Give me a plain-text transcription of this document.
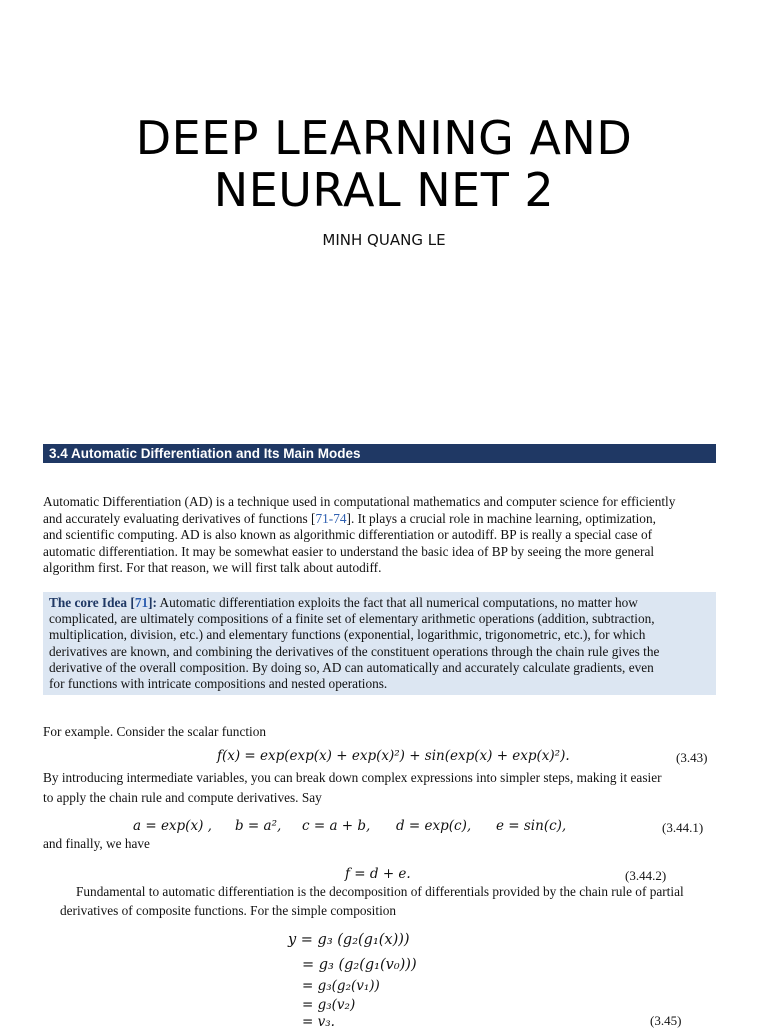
DEEP LEARNING AND
NEURAL NET 2
MINH QUANG LE
3.4 Automatic Differentiation and Its Main Modes
Automatic Differentiation (AD) is a technique used in computational mathematics and computer science for efficiently
and accurately evaluating derivatives of functions [71-74]. It plays a crucial role in machine learning, optimization,
and scientific computing. AD is also known as algorithmic differentiation or autodiff. BP is really a special case of
automatic differentiation. It may be somewhat easier to understand the basic idea of BP by seeing the more general
algorithm first. For that reason, we will first talk about autodiff.
The core Idea [71]: Automatic differentiation exploits the fact that all numerical computations, no matter how
complicated, are ultimately compositions of a finite set of elementary arithmetic operations (addition, subtraction,
multiplication, division, etc.) and elementary functions (exponential, logarithmic, trigonometric, etc.), for which
derivatives are known, and combining the derivatives of the constituent operations through the chain rule gives the
derivative of the overall composition. By doing so, AD can automatically and accurately calculate gradients, even
for functions with intricate compositions and nested operations.
For example. Consider the scalar function
f(x) = exp(exp(x) + exp(x)²) + sin(exp(x) + exp(x)²).	(3.43)
By introducing intermediate variables, you can break down complex expressions into simpler steps, making it easier
to apply the chain rule and compute derivatives. Say
a = exp(x) , b = a², c = a + b, d = exp(c), e = sin(c),	(3.44.1)
and finally, we have
f = d + e.	(3.44.2)
Fundamental to automatic differentiation is the decomposition of differentials provided by the chain rule of partial
derivatives of composite functions. For the simple composition
y = g₃ (g₂(g₁(x)))
= g₃ (g₂(g₁(v₀)))
= g₃(g₂(v₁))
= g₃(v₂)
= v₃.	(3.45)
